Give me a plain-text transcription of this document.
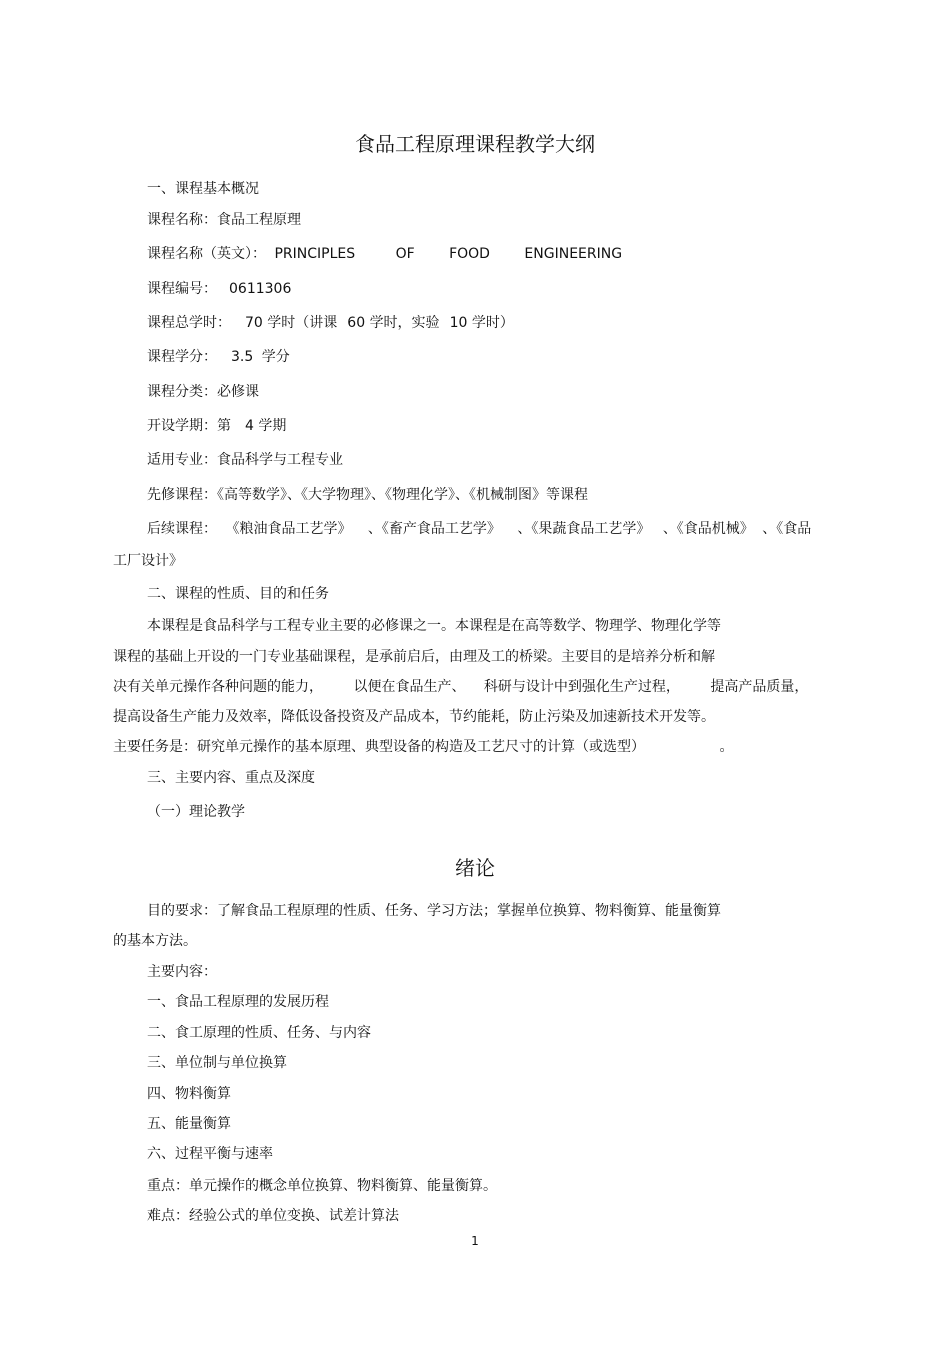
食品工程原理课程教学大纲
一、课程基本概况
课程名称：食品工程原理
课程名称（英文）： PRINCIPLES	OF FOOD ENGINEERING
课程编号： 0611306
课程总学时： 70 学时（讲课 60 学时，实验 10 学时）
课程学分： 3.5 学分
课程分类：必修课
开设学期：第 4 学期
适用专业：食品科学与工程专业
先修课程：《高等数学》、《大学物理》、《物理化学》、《机械制图》等课程
后续课程： 《粮油食品工艺学》 、《畜产食品工艺学》 、《果蔬食品工艺学》 、《食品机械》 、《食品
工厂设计》
二、课程的性质、目的和任务
本课程是食品科学与工程专业主要的必修课之一。本课程是在高等数学、物理学、物理化学等
课程的基础上开设的一门专业基础课程，是承前启后，由理及工的桥梁。主要目的是培养分析和解
决有关单元操作各种问题的能力， 以便在食品生产、 科研与设计中到强化生产过程， 提高产品质量，
提高设备生产能力及效率，降低设备投资及产品成本，节约能耗，防止污染及加速新技术开发等。
主要任务是：研究单元操作的基本原理、典型设备的构造及工艺尺寸的计算（或选型）	。
三、主要内容、重点及深度
（一）理论教学
绪论
目的要求：了解食品工程原理的性质、任务、学习方法；掌握单位换算、物料衡算、能量衡算
的基本方法。
主要内容：
一、食品工程原理的发展历程
二、食工原理的性质、任务、与内容
三、单位制与单位换算
四、物料衡算
五、能量衡算
六、过程平衡与速率
重点：单元操作的概念单位换算、物料衡算、能量衡算。
难点：经验公式的单位变换、试差计算法
1
